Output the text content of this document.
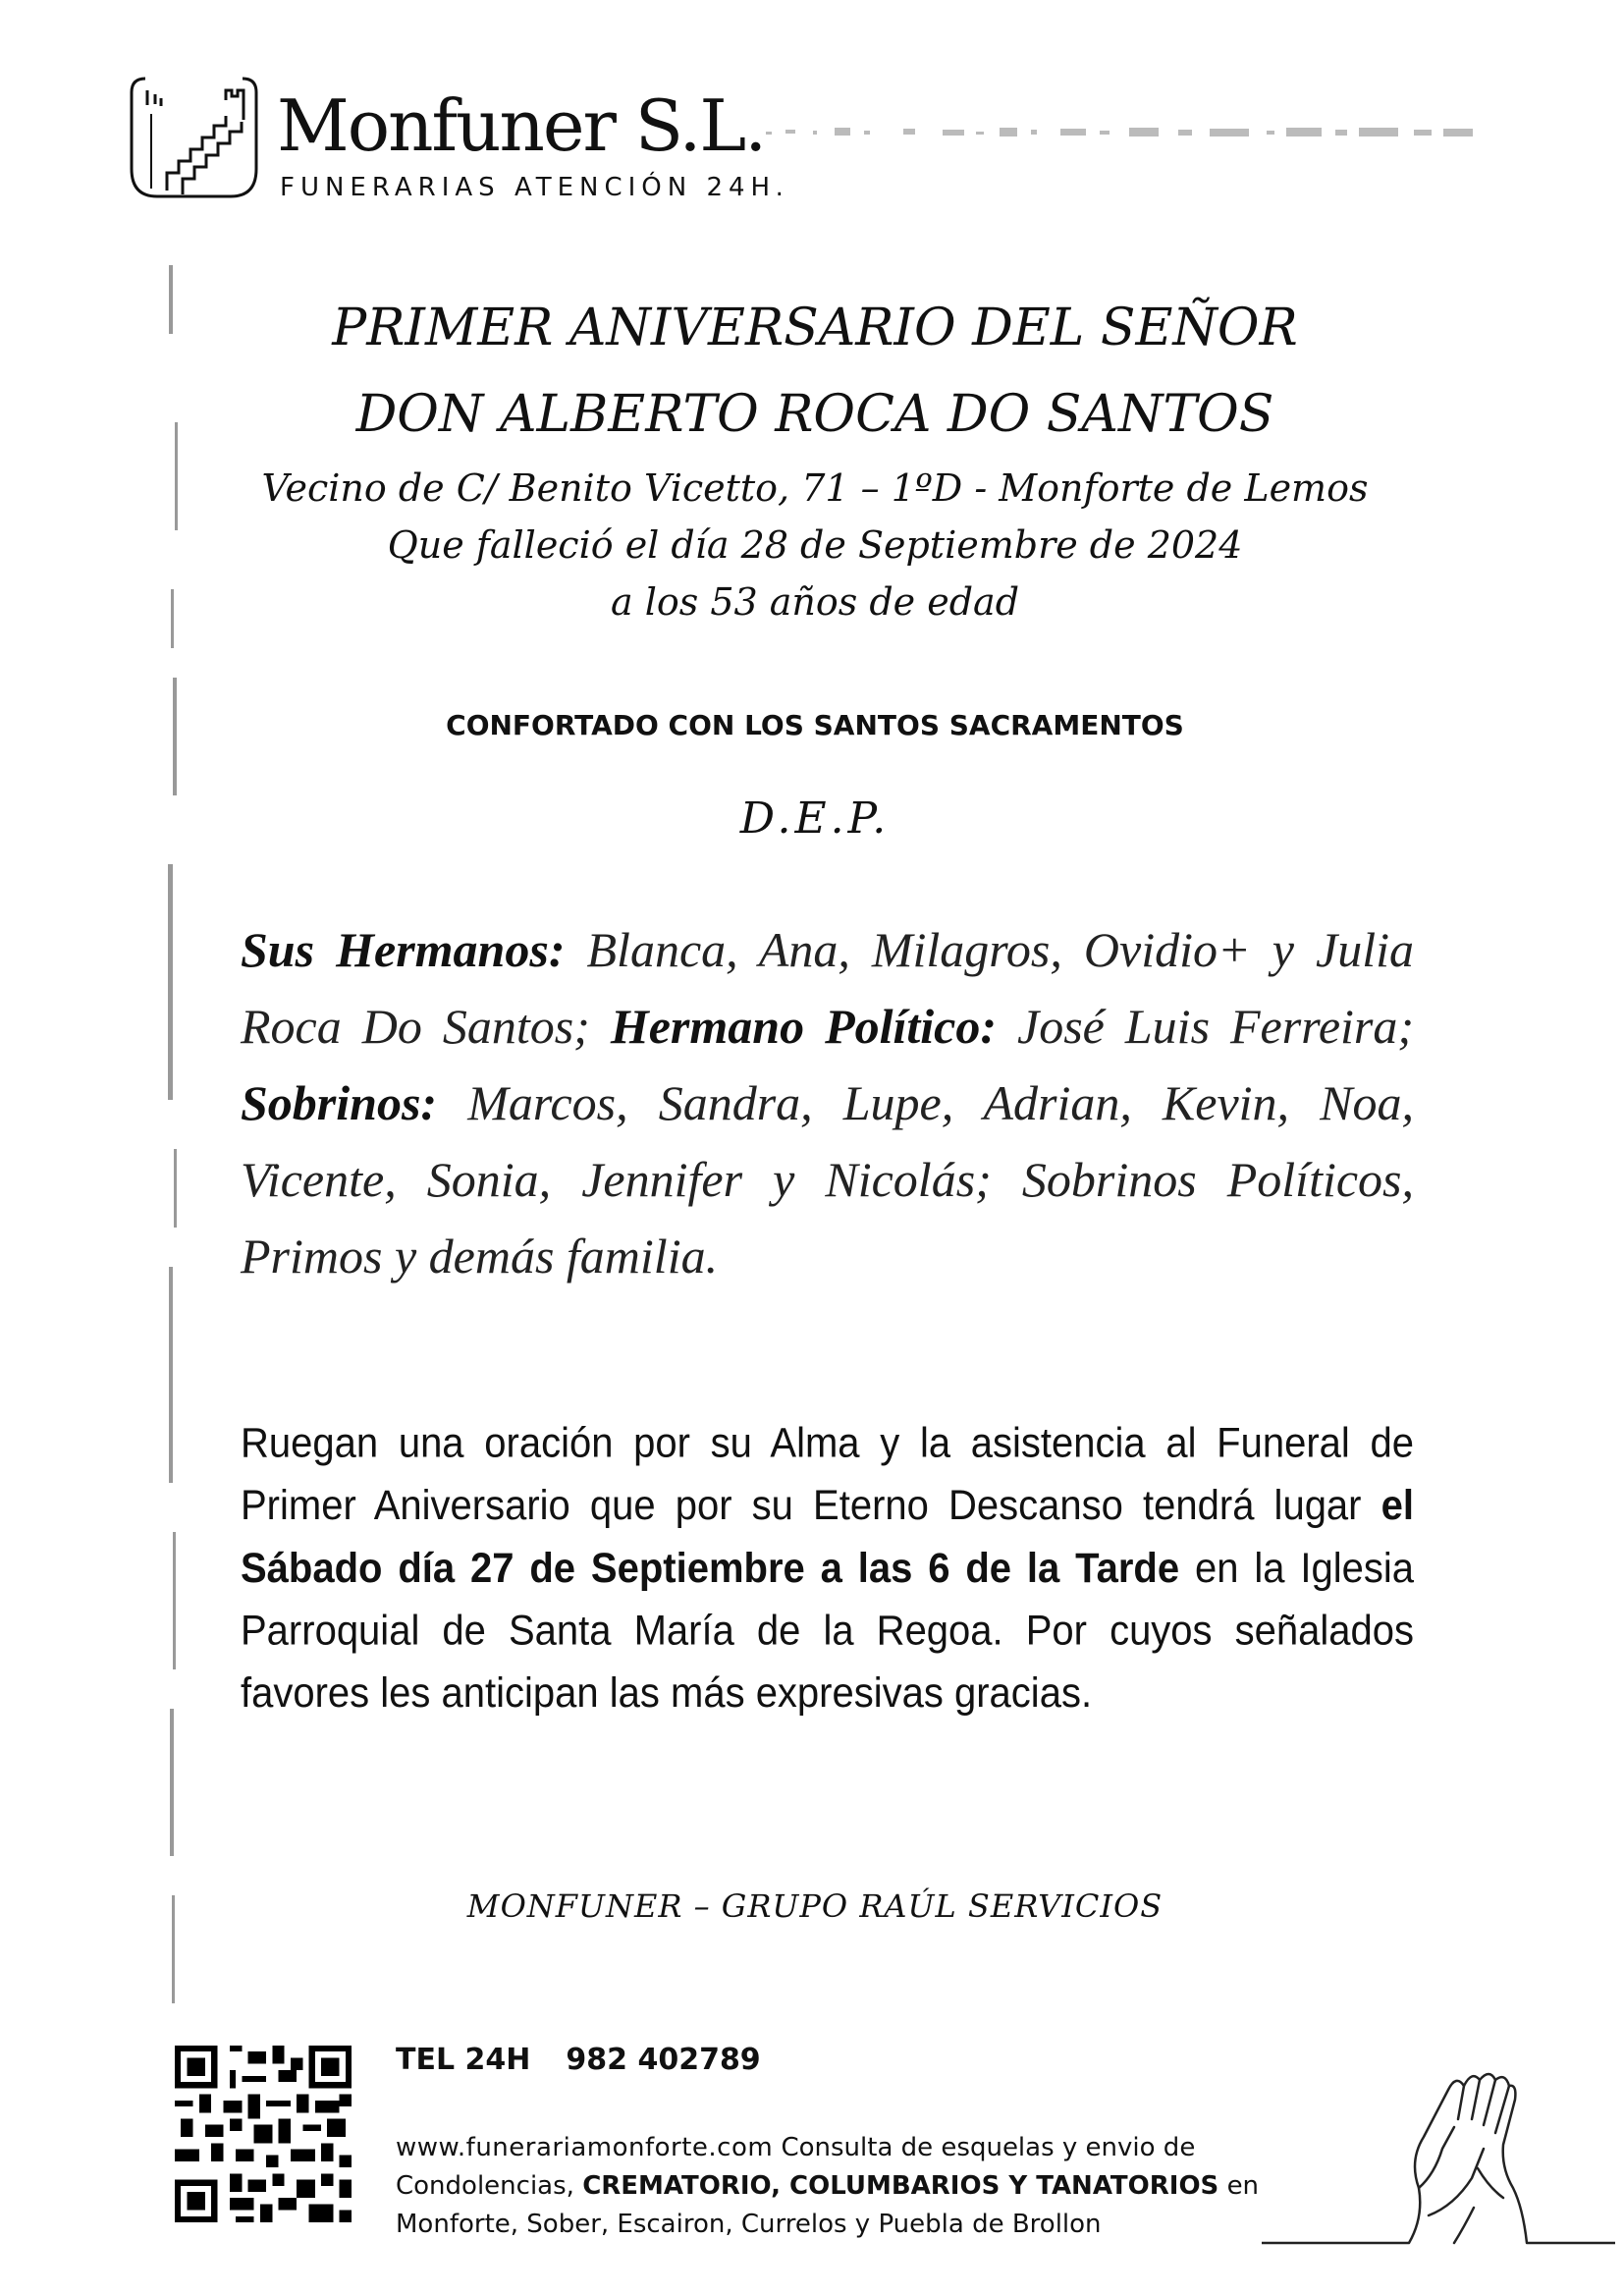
Monfuner S.L.
FUNERARIAS ATENCIÓN 24H.
PRIMER ANIVERSARIO DEL SEÑOR
DON ALBERTO ROCA DO SANTOS
Vecino de C/ Benito Vicetto, 71 – 1ºD - Monforte de Lemos
Que falleció el día 28 de Septiembre de 2024
a los 53 años de edad
CONFORTADO CON LOS SANTOS SACRAMENTOS
D.E.P.
Sus Hermanos: Blanca, Ana, Milagros, Ovidio+ y Julia Roca Do Santos; Hermano Político: José Luis Ferreira; Sobrinos: Marcos, Sandra, Lupe, Adrian, Kevin, Noa, Vicente, Sonia, Jennifer y Nicolás; Sobrinos Políticos, Primos y demás familia.
Ruegan una oración por su Alma y la asistencia al Funeral de Primer Aniversario que por su Eterno Descanso tendrá lugar el Sábado día 27 de Septiembre a las 6 de la Tarde en la Iglesia Parroquial de Santa María de la Regoa. Por cuyos señalados favores les anticipan las más expresivas gracias.
MONFUNER – GRUPO RAÚL SERVICIOS
TEL 24H 982 402789
www.funerariamonforte.com Consulta de esquelas y envio de Condolencias, CREMATORIO, COLUMBARIOS Y TANATORIOS en Monforte, Sober, Escairon, Currelos y Puebla de Brollon
